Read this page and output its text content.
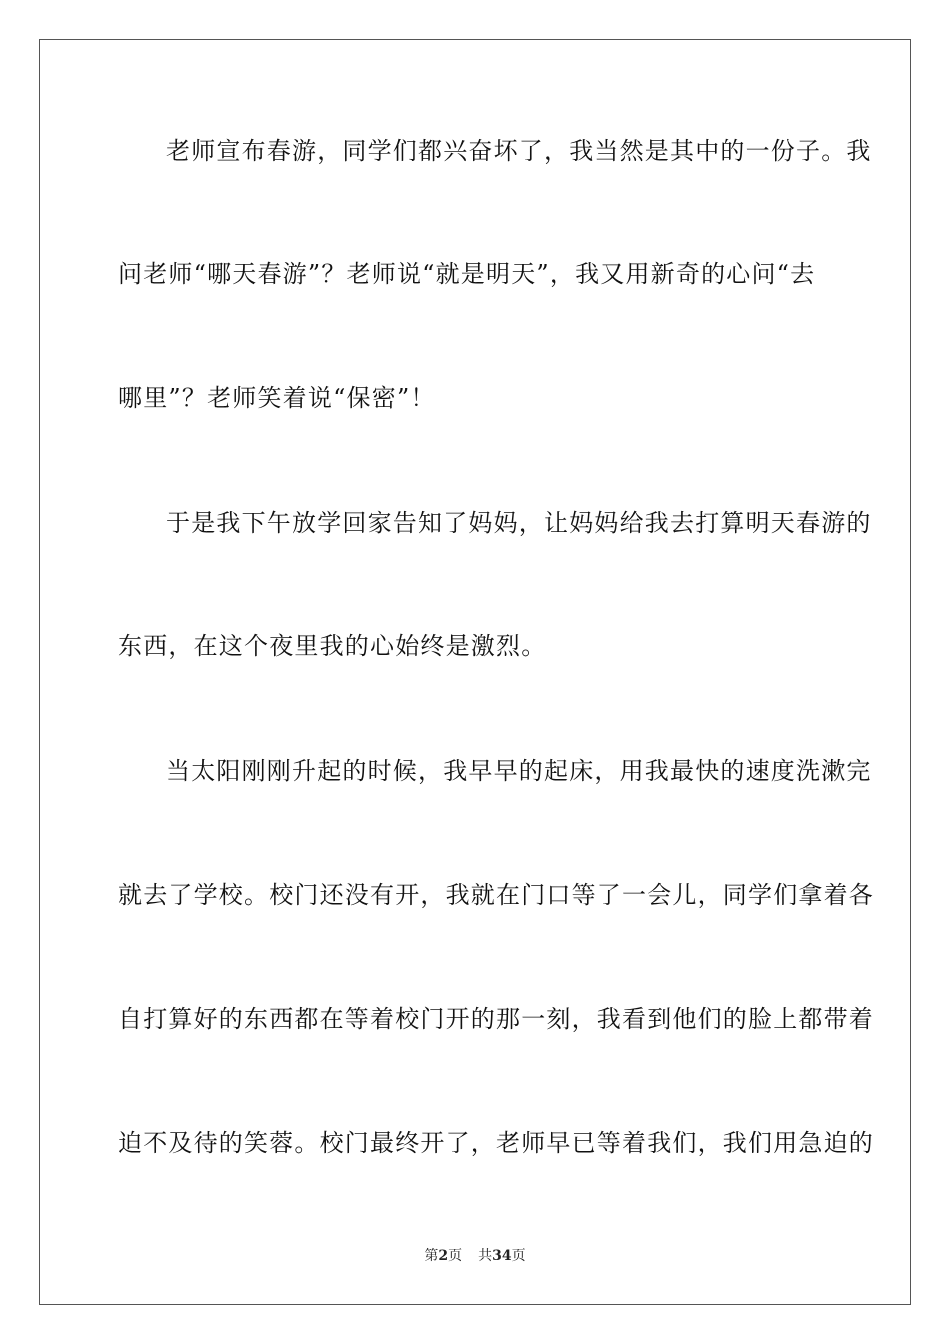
老师宣布春游，同学们都兴奋坏了，我当然是其中的一份子。我
问老师“哪天春游”？老师说“就是明天”，我又用新奇的心问“去
哪里”？老师笑着说“保密”！
于是我下午放学回家告知了妈妈，让妈妈给我去打算明天春游的
东西，在这个夜里我的心始终是激烈。
当太阳刚刚升起的时候，我早早的起床，用我最快的速度洗漱完
就去了学校。校门还没有开，我就在门口等了一会儿，同学们拿着各
自打算好的东西都在等着校门开的那一刻，我看到他们的脸上都带着
迫不及待的笑蓉。校门最终开了，老师早已等着我们，我们用急迫的
第2页 共34页
